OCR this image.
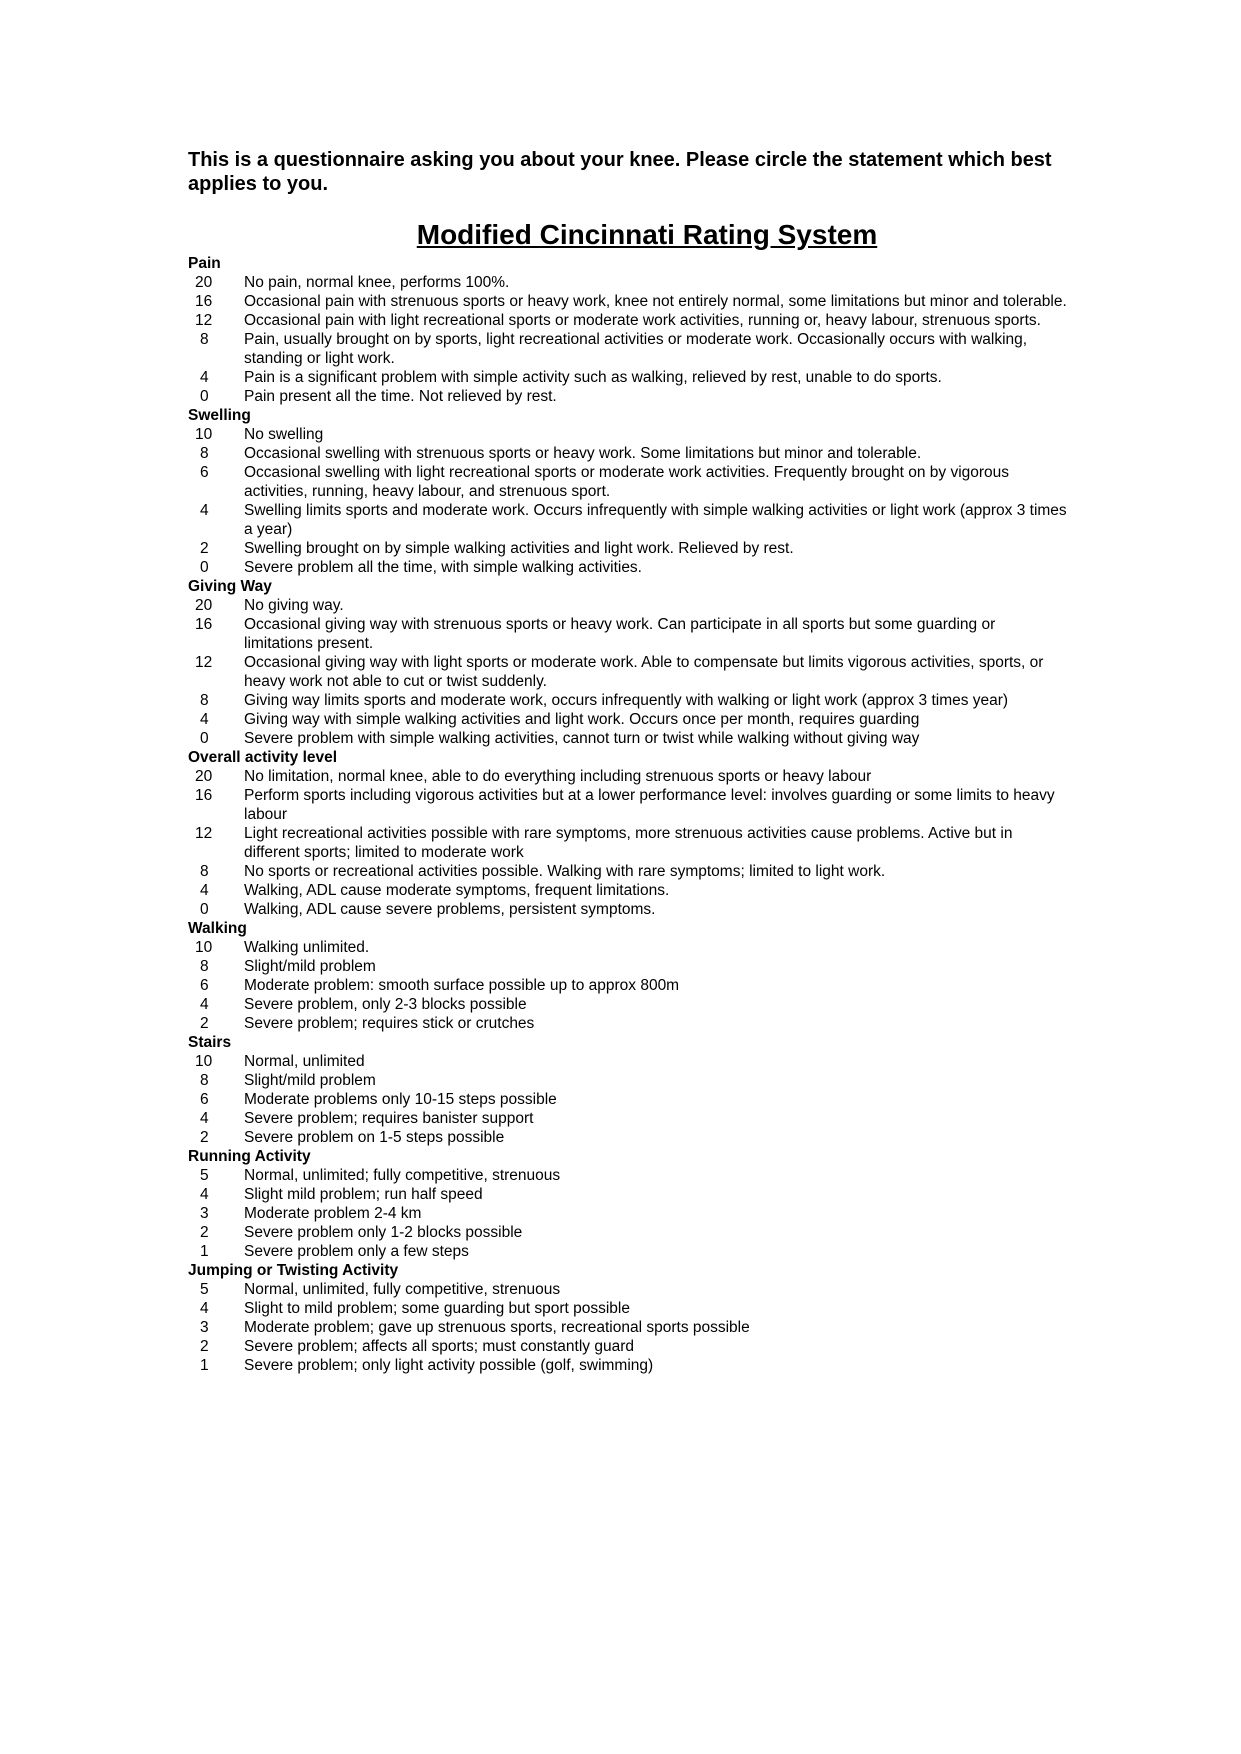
This is a questionnaire asking you about your knee. Please circle the statement which best applies to you.

Modified Cincinnati Rating System
Pain
20	No pain, normal knee, performs 100%.
16	Occasional pain with strenuous sports or heavy work, knee not entirely normal, some limitations but minor and tolerable.
12	Occasional pain with light recreational sports or moderate work activities, running or, heavy labour, strenuous sports.
8	Pain, usually brought on by sports, light recreational activities or moderate work. Occasionally occurs with walking, standing or light work.
4	Pain is a significant problem with simple activity such as walking, relieved by rest, unable to do sports.
0	Pain present all the time. Not relieved by rest.
Swelling
10	No swelling
8	Occasional swelling with strenuous sports or heavy work. Some limitations but minor and tolerable.
6	Occasional swelling with light recreational sports or moderate work activities. Frequently brought on by vigorous activities, running, heavy labour, and strenuous sport.
4	Swelling limits sports and moderate work. Occurs infrequently with simple walking activities or light work (approx 3 times a year)
2	Swelling brought on by simple walking activities and light work. Relieved by rest.
0	Severe problem all the time, with simple walking activities.
Giving Way
20	No giving way.
16	Occasional giving way with strenuous sports or heavy work. Can participate in all sports but some guarding or limitations present.
12	Occasional giving way with light sports or moderate work. Able to compensate but limits vigorous activities, sports, or heavy work not able to cut or twist suddenly.
8	Giving way limits sports and moderate work, occurs infrequently with walking or light work (approx 3 times year)
4	Giving way with simple walking activities and light work. Occurs once per month, requires guarding
0	Severe problem with simple walking activities, cannot turn or twist while walking without giving way
Overall activity level
20	No limitation, normal knee, able to do everything including strenuous sports or heavy labour
16	Perform sports including vigorous activities but at a lower performance level: involves guarding or some limits to heavy labour
12	Light recreational activities possible with rare symptoms, more strenuous activities cause problems. Active but in different sports; limited to moderate work
8	No sports or recreational activities possible. Walking with rare symptoms; limited to light work.
4	Walking, ADL cause moderate symptoms, frequent limitations.
0	Walking, ADL cause severe problems, persistent symptoms.
Walking
10	Walking unlimited.
8	Slight/mild problem
6	Moderate problem: smooth surface possible up to approx 800m
4	Severe problem, only 2-3 blocks possible
2	Severe problem; requires stick or crutches
Stairs
10	Normal, unlimited
8	Slight/mild problem
6	Moderate problems only 10-15 steps possible
4	Severe problem; requires banister support
2	Severe problem on 1-5 steps possible
Running Activity
5	Normal, unlimited; fully competitive, strenuous
4	Slight mild problem; run half speed
3	Moderate problem 2-4 km
2	Severe problem only 1-2 blocks possible
1	Severe problem only a few steps
Jumping or Twisting Activity
5	Normal, unlimited, fully competitive, strenuous
4	Slight to mild problem; some guarding but sport possible
3	Moderate problem; gave up strenuous sports, recreational sports possible
2	Severe problem; affects all sports; must constantly guard
1	Severe problem; only light activity possible (golf, swimming)
